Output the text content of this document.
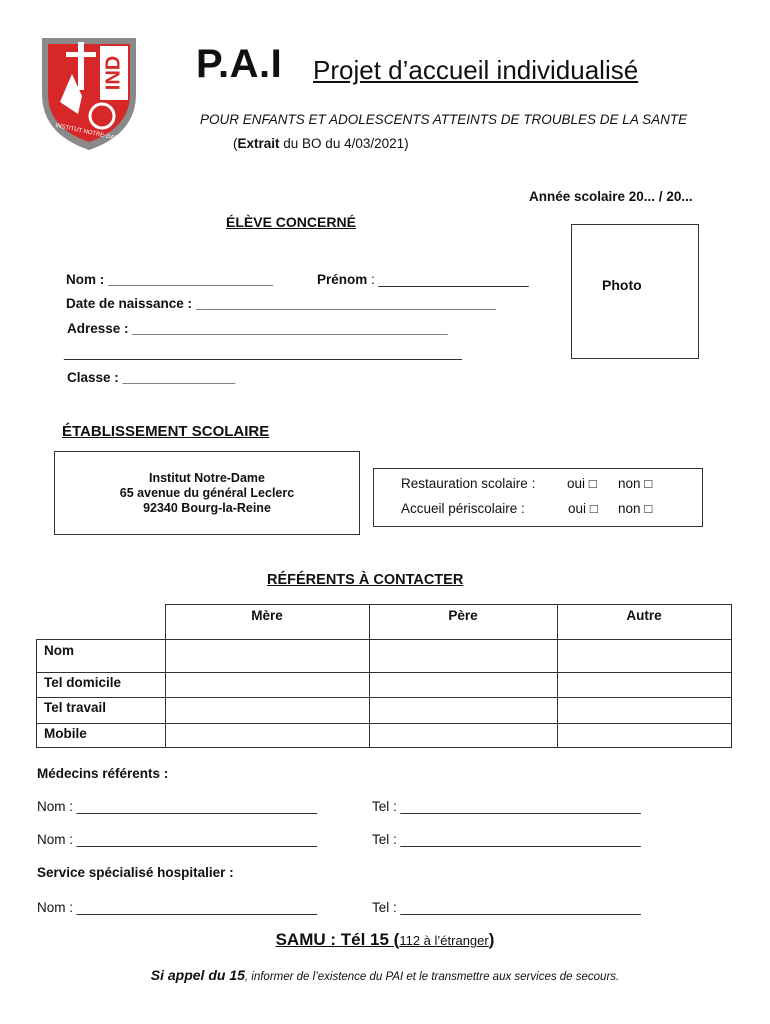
IND
INSTITUT NOTRE-DAME
P.A.I Projet d’accueil individualisé
POUR ENFANTS ET ADOLESCENTS ATTEINTS DE TROUBLES DE LA SANTE
(Extrait du BO du 4/03/2021)
Année scolaire 20... / 20...
ÉLÈVE CONCERNÉ
Photo
Nom : ______________________	Prénom : ____________________
Date de naissance : ________________________________________
Adresse : __________________________________________
_____________________________________________________
Classe : _______________
ÉTABLISSEMENT SCOLAIRE
Institut Notre-Dame
65 avenue du général Leclerc
92340 Bourg-la-Reine
Restauration scolaire : oui □ non □
Accueil périscolaire :	oui □ non □
RÉFÉRENTS À CONTACTER
	Mère	Père	Autre
Nom			
Tel domicile			
Tel travail			
Mobile			
Médecins référents :
Nom : ________________________________	Tel : ________________________________
Nom : ________________________________	Tel : ________________________________
Service spécialisé hospitalier :
Nom : ________________________________	Tel : ________________________________
SAMU : Tél 15 (112 à l’étranger)
Si appel du 15, informer de l’existence du PAI et le transmettre aux services de secours.
